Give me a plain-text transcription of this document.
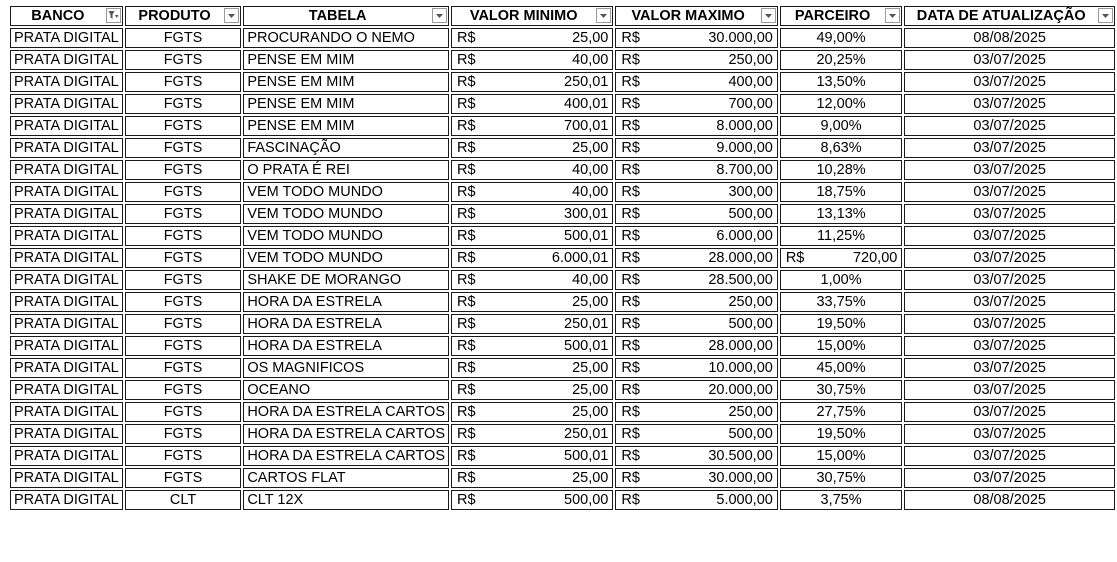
BANCO	PRODUTO	TABELA	VALOR MINIMO	VALOR MAXIMO	PARCEIRO	DATA DE ATUALIZAÇÃO

PRATA DIGITAL	FGTS	PROCURANDO O NEMO	R$ 25,00	R$ 30.000,00	49,00%	08/08/2025
PRATA DIGITAL	FGTS	PENSE EM MIM	R$ 40,00	R$ 250,00	20,25%	03/07/2025
PRATA DIGITAL	FGTS	PENSE EM MIM	R$ 250,01	R$ 400,00	13,50%	03/07/2025
PRATA DIGITAL	FGTS	PENSE EM MIM	R$ 400,01	R$ 700,00	12,00%	03/07/2025
PRATA DIGITAL	FGTS	PENSE EM MIM	R$ 700,01	R$ 8.000,00	9,00%	03/07/2025
PRATA DIGITAL	FGTS	FASCINAÇÃO	R$ 25,00	R$ 9.000,00	8,63%	03/07/2025
PRATA DIGITAL	FGTS	O PRATA É REI	R$ 40,00	R$ 8.700,00	10,28%	03/07/2025
PRATA DIGITAL	FGTS	VEM TODO MUNDO	R$ 40,00	R$ 300,00	18,75%	03/07/2025
PRATA DIGITAL	FGTS	VEM TODO MUNDO	R$ 300,01	R$ 500,00	13,13%	03/07/2025
PRATA DIGITAL	FGTS	VEM TODO MUNDO	R$ 500,01	R$ 6.000,00	11,25%	03/07/2025
PRATA DIGITAL	FGTS	VEM TODO MUNDO	R$ 6.000,01	R$ 28.000,00	R$ 720,00	03/07/2025
PRATA DIGITAL	FGTS	SHAKE DE MORANGO	R$ 40,00	R$ 28.500,00	1,00%	03/07/2025
PRATA DIGITAL	FGTS	HORA DA ESTRELA	R$ 25,00	R$ 250,00	33,75%	03/07/2025
PRATA DIGITAL	FGTS	HORA DA ESTRELA	R$ 250,01	R$ 500,00	19,50%	03/07/2025
PRATA DIGITAL	FGTS	HORA DA ESTRELA	R$ 500,01	R$ 28.000,00	15,00%	03/07/2025
PRATA DIGITAL	FGTS	OS MAGNIFICOS	R$ 25,00	R$ 10.000,00	45,00%	03/07/2025
PRATA DIGITAL	FGTS	OCEANO	R$ 25,00	R$ 20.000,00	30,75%	03/07/2025
PRATA DIGITAL	FGTS	HORA DA ESTRELA CARTOS	R$ 25,00	R$ 250,00	27,75%	03/07/2025
PRATA DIGITAL	FGTS	HORA DA ESTRELA CARTOS	R$ 250,01	R$ 500,00	19,50%	03/07/2025
PRATA DIGITAL	FGTS	HORA DA ESTRELA CARTOS	R$ 500,01	R$ 30.500,00	15,00%	03/07/2025
PRATA DIGITAL	FGTS	CARTOS FLAT	R$ 25,00	R$ 30.000,00	30,75%	03/07/2025
PRATA DIGITAL	CLT	CLT 12X	R$ 500,00	R$ 5.000,00	3,75%	08/08/2025
